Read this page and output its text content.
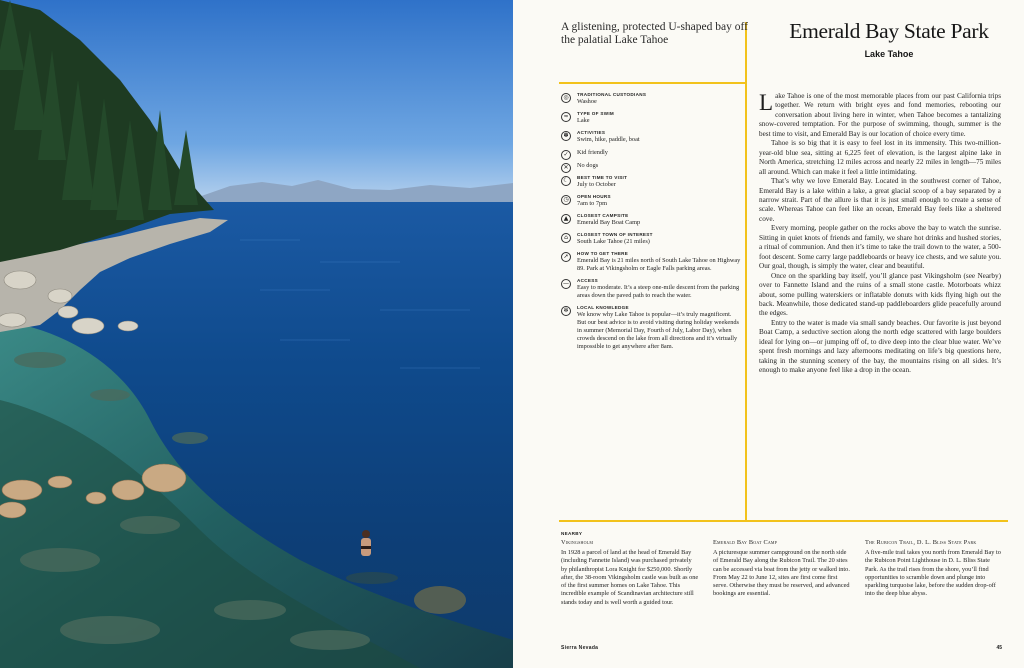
A glistening, protected U-shaped bay off the palatial Lake Tahoe	Emerald Bay State Park
Lake Tahoe
◎	TRADITIONAL CUSTODIANS
Washoe
≈	TYPE OF SWIM
Lake
✽	ACTIVITIES
Swim, hike, paddle, boat
✓	Kid friendly
✕	No dogs
☾	BEST TIME TO VISIT
July to October
◷	OPEN HOURS
7am to 7pm
▲	CLOSEST CAMPSITE
Emerald Bay Boat Camp
⌂	CLOSEST TOWN OF INTEREST
South Lake Tahoe (21 miles)
➚	HOW TO GET THERE
Emerald Bay is 21 miles north of South Lake Tahoe on Highway 89. Park at Vikingsholm or Eagle Falls parking areas.
—	ACCESS
Easy to moderate. It’s a steep one-mile descent from the parking areas down the paved path to reach the water.
✻	LOCAL KNOWLEDGE
We know why Lake Tahoe is popular—it’s truly magnificent. But our best advice is to avoid visiting during holiday weekends in summer (Memorial Day, Fourth of July, Labor Day), when crowds descend on the lake from all directions and it’s virtually impossible to get anywhere after 8am.

Lake Tahoe is one of the most memorable places from our past California trips together. We return with bright eyes and fond memories, rebooting our conversation about living here in winter, when Tahoe becomes a tantalizing snow-covered temptation. For the purpose of swimming, though, summer is the best time to visit, and Emerald Bay is our location of choice every time.

Tahoe is so big that it is easy to feel lost in its immensity. This two-million-year-old blue sea, sitting at 6,225 feet of elevation, is the largest alpine lake in North America, stretching 12 miles across and nearly 22 miles in length—75 miles all around. Which can make it feel a little intimidating.

That’s why we love Emerald Bay. Located in the southwest corner of Tahoe, Emerald Bay is a lake within a lake, a great glacial scoop of a bay separated by a narrow strait. Part of the allure is that it is just small enough to create a sense of scale. Whereas Tahoe can feel like an ocean, Emerald Bay feels like a sheltered cove.

Every morning, people gather on the rocks above the bay to watch the sunrise. Sitting in quiet knots of friends and family, we share hot drinks and hushed stories, a ritual of communion. And then it’s time to take the trail down to the water, a 500-foot descent. Some carry large paddleboards or heavy ice chests, and we salute you. Our goal, though, is simply the water, clear and beautiful.

Once on the sparkling bay itself, you’ll glance past Vikingsholm (see Nearby) over to Fannette Island and the ruins of a small stone castle. Motorboats whizz about, some pulling waterskiers or inflatable donuts with kids flying high out the back. Meanwhile, those dedicated stand-up paddleboarders glide peacefully around the edges.

Entry to the water is made via small sandy beaches. Our favorite is just beyond Boat Camp, a seductive section along the north edge scattered with large boulders ideal for lying on—or jumping off of, to dive deep into the clear blue water. We’ve spent fresh mornings and lazy afternoons meditating on life’s big questions here, taking in the stunning scenery of the bay, the mountains rising on all sides. It’s enough to make anyone feel like a drop in the ocean.

NEARBY
Vikingsholm
In 1928 a parcel of land at the head of Emerald Bay (including Fannette Island) was purchased privately by philanthropist Lora Knight for $250,000. Shortly after, the 38-room Vikingsholm castle was built as one of the first summer homes on Lake Tahoe. This incredible example of Scandinavian architecture still stands today and is well worth a guided tour.
Emerald Bay Boat Camp
A picturesque summer campground on the north side of Emerald Bay along the Rubicon Trail. The 20 sites can be accessed via boat from the jetty or walked into. From May 22 to June 12, sites are first come first serve. Otherwise they must be reserved, and advanced bookings are essential.
The Rubicon Trail, D. L. Bliss State Park
A five-mile trail takes you north from Emerald Bay to the Rubicon Point Lighthouse in D. L. Bliss State Park. As the trail rises from the shore, you’ll find opportunities to scramble down and plunge into sparkling turquoise lake, before the sudden drop-off into the deep blue abyss.
Sierra Nevada	45
